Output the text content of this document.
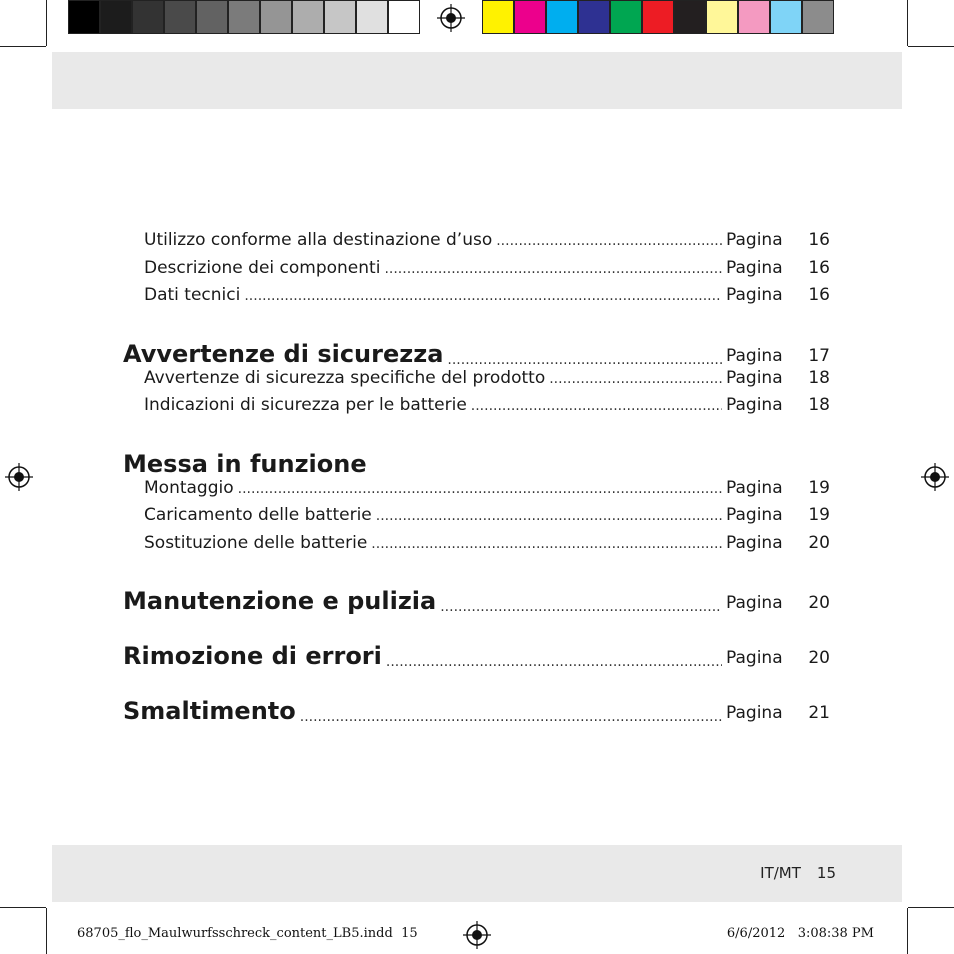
Utilizzo conforme alla destinazione d’uso .....	Pagina	16
Descrizione dei componenti .....	Pagina	16
Dati tecnici .....	Pagina	16
Avvertenze di sicurezza .....	Pagina	17
Avvertenze di sicurezza specifiche del prodotto .....	Pagina	18
Indicazioni di sicurezza per le batterie .....	Pagina	18
Messa in funzione
Montaggio .....	Pagina	19
Caricamento delle batterie .....	Pagina	19
Sostituzione delle batterie .....	Pagina	20
Manutenzione e pulizia .....	Pagina	20
Rimozione di errori .....	Pagina	20
Smaltimento .....	Pagina	21
IT/MT 15
68705_flo_Maulwurfsschreck_content_LB5.indd 15	6/6/2012 3:08:38 PM
